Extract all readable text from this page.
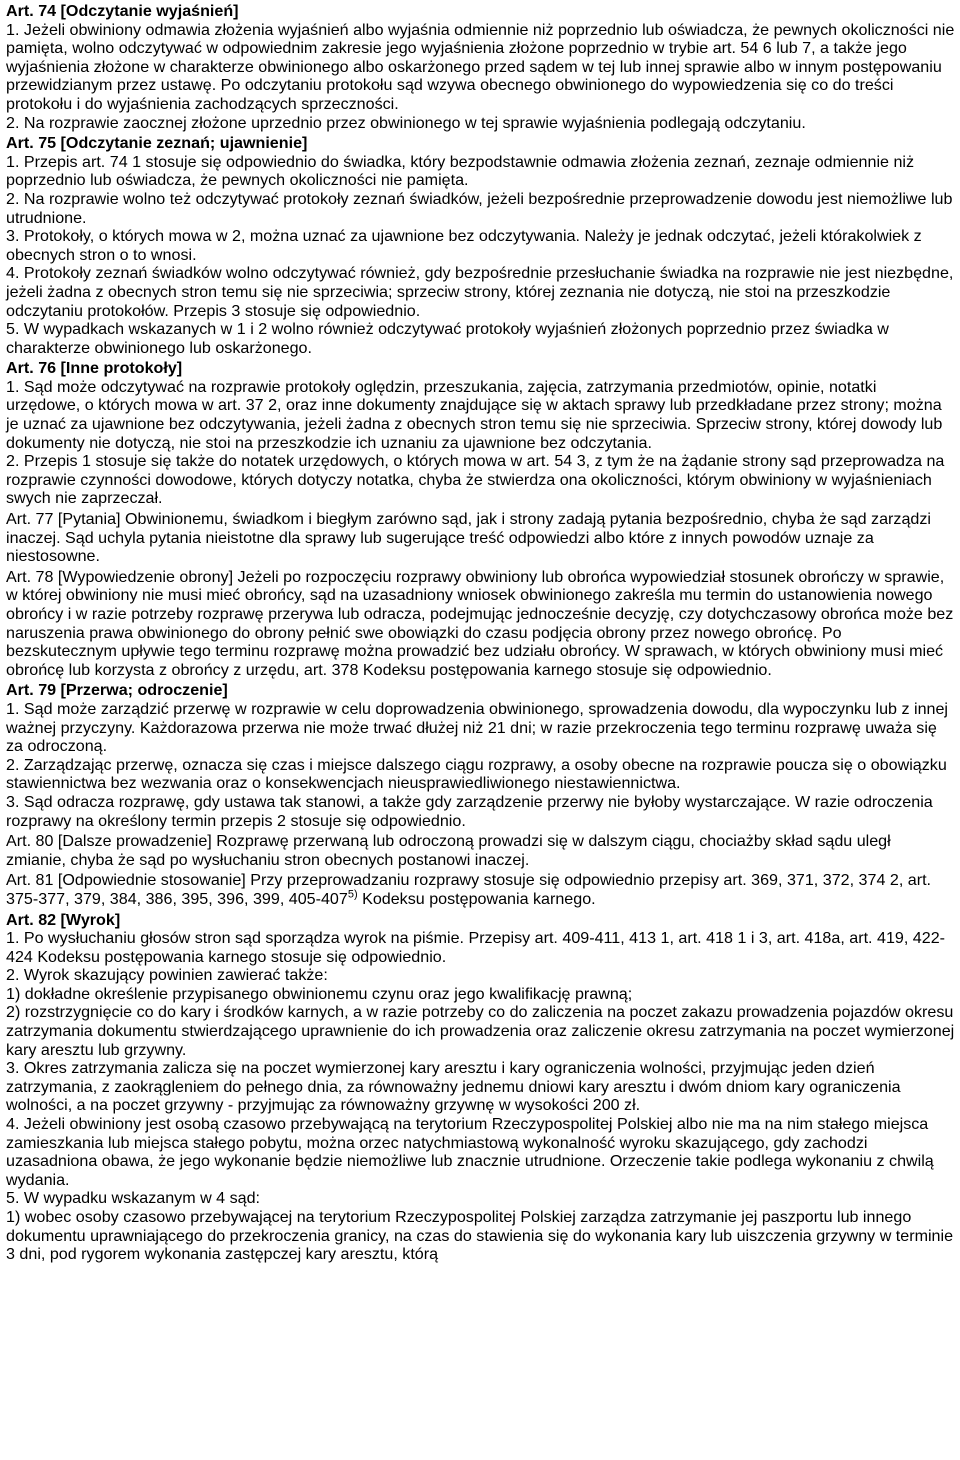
Art. 74 [Odczytanie wyjaśnień]

1. Jeżeli obwiniony odmawia złożenia wyjaśnień albo wyjaśnia odmiennie niż poprzednio lub oświadcza, że pewnych okoliczności nie pamięta, wolno odczytywać w odpowiednim zakresie jego wyjaśnienia złożone poprzednio w trybie art. 54 6 lub 7, a także jego wyjaśnienia złożone w charakterze obwinionego albo oskarżonego przed sądem w tej lub innej sprawie albo w innym postępowaniu przewidzianym przez ustawę. Po odczytaniu protokołu sąd wzywa obecnego obwinionego do wypowiedzenia się co do treści protokołu i do wyjaśnienia zachodzących sprzeczności.

2. Na rozprawie zaocznej złożone uprzednio przez obwinionego w tej sprawie wyjaśnienia podlegają odczytaniu.

Art. 75 [Odczytanie zeznań; ujawnienie]

1. Przepis art. 74 1 stosuje się odpowiednio do świadka, który bezpodstawnie odmawia złożenia zeznań, zeznaje odmiennie niż poprzednio lub oświadcza, że pewnych okoliczności nie pamięta.

2. Na rozprawie wolno też odczytywać protokoły zeznań świadków, jeżeli bezpośrednie przeprowadzenie dowodu jest niemożliwe lub utrudnione.

3. Protokoły, o których mowa w 2, można uznać za ujawnione bez odczytywania. Należy je jednak odczytać, jeżeli którakolwiek z obecnych stron o to wnosi.

4. Protokoły zeznań świadków wolno odczytywać również, gdy bezpośrednie przesłuchanie świadka na rozprawie nie jest niezbędne, jeżeli żadna z obecnych stron temu się nie sprzeciwia; sprzeciw strony, której zeznania nie dotyczą, nie stoi na przeszkodzie odczytaniu protokołów. Przepis 3 stosuje się odpowiednio.

5. W wypadkach wskazanych w 1 i 2 wolno również odczytywać protokoły wyjaśnień złożonych poprzednio przez świadka w charakterze obwinionego lub oskarżonego.

Art. 76 [Inne protokoły]

1. Sąd może odczytywać na rozprawie protokoły oględzin, przeszukania, zajęcia, zatrzymania przedmiotów, opinie, notatki urzędowe, o których mowa w art. 37 2, oraz inne dokumenty znajdujące się w aktach sprawy lub przedkładane przez strony; można je uznać za ujawnione bez odczytywania, jeżeli żadna z obecnych stron temu się nie sprzeciwia. Sprzeciw strony, której dowody lub dokumenty nie dotyczą, nie stoi na przeszkodzie ich uznaniu za ujawnione bez odczytania.

2. Przepis 1 stosuje się także do notatek urzędowych, o których mowa w art. 54 3, z tym że na żądanie strony sąd przeprowadza na rozprawie czynności dowodowe, których dotyczy notatka, chyba że stwierdza ona okoliczności, którym obwiniony w wyjaśnieniach swych nie zaprzeczał.

Art. 77 [Pytania] Obwinionemu, świadkom i biegłym zarówno sąd, jak i strony zadają pytania bezpośrednio, chyba że sąd zarządzi inaczej. Sąd uchyla pytania nieistotne dla sprawy lub sugerujące treść odpowiedzi albo które z innych powodów uznaje za niestosowne.

Art. 78 [Wypowiedzenie obrony] Jeżeli po rozpoczęciu rozprawy obwiniony lub obrońca wypowiedział stosunek obrończy w sprawie, w której obwiniony nie musi mieć obrońcy, sąd na uzasadniony wniosek obwinionego zakreśla mu termin do ustanowienia nowego obrońcy i w razie potrzeby rozprawę przerywa lub odracza, podejmując jednocześnie decyzję, czy dotychczasowy obrońca może bez naruszenia prawa obwinionego do obrony pełnić swe obowiązki do czasu podjęcia obrony przez nowego obrońcę. Po bezskutecznym upływie tego terminu rozprawę można prowadzić bez udziału obrońcy. W sprawach, w których obwiniony musi mieć obrońcę lub korzysta z obrońcy z urzędu, art. 378 Kodeksu postępowania karnego stosuje się odpowiednio.

Art. 79 [Przerwa; odroczenie]

1. Sąd może zarządzić przerwę w rozprawie w celu doprowadzenia obwinionego, sprowadzenia dowodu, dla wypoczynku lub z innej ważnej przyczyny. Każdorazowa przerwa nie może trwać dłużej niż 21 dni; w razie przekroczenia tego terminu rozprawę uważa się za odroczoną.

2. Zarządzając przerwę, oznacza się czas i miejsce dalszego ciągu rozprawy, a osoby obecne na rozprawie poucza się o obowiązku stawiennictwa bez wezwania oraz o konsekwencjach nieusprawiedliwionego niestawiennictwa.

3. Sąd odracza rozprawę, gdy ustawa tak stanowi, a także gdy zarządzenie przerwy nie byłoby wystarczające. W razie odroczenia rozprawy na określony termin przepis 2 stosuje się odpowiednio.

Art. 80 [Dalsze prowadzenie] Rozprawę przerwaną lub odroczoną prowadzi się w dalszym ciągu, chociażby skład sądu uległ zmianie, chyba że sąd po wysłuchaniu stron obecnych postanowi inaczej.

Art. 81 [Odpowiednie stosowanie] Przy przeprowadzaniu rozprawy stosuje się odpowiednio przepisy art. 369, 371, 372, 374 2, art. 375-377, 379, 384, 386, 395, 396, 399, 405-407$^{5)}$ Kodeksu postępowania karnego.

Art. 82 [Wyrok]

1. Po wysłuchaniu głosów stron sąd sporządza wyrok na piśmie. Przepisy art. 409-411, 413 1, art. 418 1 i 3, art. 418a, art. 419, 422-424 Kodeksu postępowania karnego stosuje się odpowiednio.

2. Wyrok skazujący powinien zawierać także:

1) dokładne określenie przypisanego obwinionemu czynu oraz jego kwalifikację prawną;

2) rozstrzygnięcie co do kary i środków karnych, a w razie potrzeby co do zaliczenia na poczet zakazu prowadzenia pojazdów okresu zatrzymania dokumentu stwierdzającego uprawnienie do ich prowadzenia oraz zaliczenie okresu zatrzymania na poczet wymierzonej kary aresztu lub grzywny.

3. Okres zatrzymania zalicza się na poczet wymierzonej kary aresztu i kary ograniczenia wolności, przyjmując jeden dzień zatrzymania, z zaokrągleniem do pełnego dnia, za równoważny jednemu dniowi kary aresztu i dwóm dniom kary ograniczenia wolności, a na poczet grzywny - przyjmując za równoważny grzywnę w wysokości 200 zł.

4. Jeżeli obwiniony jest osobą czasowo przebywającą na terytorium Rzeczypospolitej Polskiej albo nie ma na nim stałego miejsca zamieszkania lub miejsca stałego pobytu, można orzec natychmiastową wykonalność wyroku skazującego, gdy zachodzi uzasadniona obawa, że jego wykonanie będzie niemożliwe lub znacznie utrudnione. Orzeczenie takie podlega wykonaniu z chwilą wydania.

5. W wypadku wskazanym w 4 sąd:

1) wobec osoby czasowo przebywającej na terytorium Rzeczypospolitej Polskiej zarządza zatrzymanie jej paszportu lub innego dokumentu uprawniającego do przekroczenia granicy, na czas do stawienia się do wykonania kary lub uiszczenia grzywny w terminie 3 dni, pod rygorem wykonania zastępczej kary aresztu, którą
